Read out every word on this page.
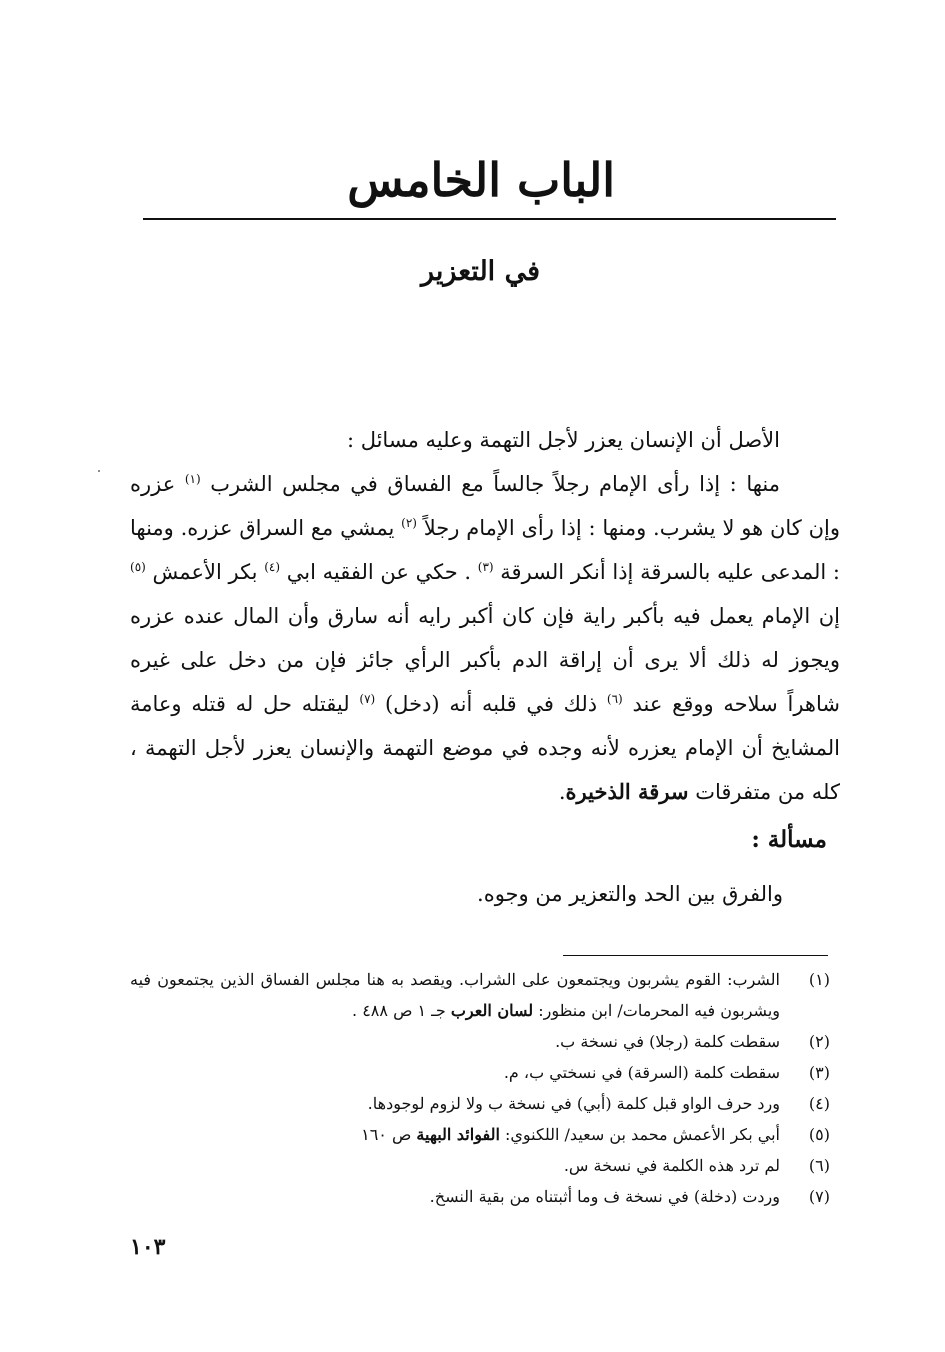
الباب الخامس
في التعزير

الأصل أن الإنسان يعزر لأجل التهمة وعليه مسائل :

منها : إذا رأى الإمام رجلاً جالساً مع الفساق في مجلس الشرب $^{(١)}$ عزره وإن كان هو لا يشرب. ومنها : إذا رأى الإمام رجلاً $^{(٢)}$ يمشي مع السراق عزره. ومنها : المدعى عليه بالسرقة إذا أنكر السرقة $^{(٣)}$ . حكي عن الفقيه ابي $^{(٤)}$ بكر الأعمش $^{(٥)}$ إن الإمام يعمل فيه بأكبر راية فإن كان أكبر رايه أنه سارق وأن المال عنده عزره ويجوز له ذلك ألا يرى أن إراقة الدم بأكبر الرأي جائز فإن من دخل على غيره شاهراً سلاحه ووقع عند $^{(٦)}$ ذلك في قلبه أنه (دخل) $^{(٧)}$ ليقتله حل له قتله وعامة المشايخ أن الإمام يعزره لأنه وجده في موضع التهمة والإنسان يعزر لأجل التهمة ، كله من متفرقات سرقة الذخيرة.

مسألة :
والفرق بين الحد والتعزير من وجوه.
(١)
الشرب: القوم يشربون ويجتمعون على الشراب. ويقصد به هنا مجلس الفساق الذين يجتمعون فيه ويشربون فيه المحرمات/ ابن منظور: لسان العرب جـ ١ ص ٤٨٨ .
(٢)
سقطت كلمة (رجلا) في نسخة ب.
(٣)
سقطت كلمة (السرقة) في نسختي ب، م.
(٤)
ورد حرف الواو قبل كلمة (أبي) في نسخة ب ولا لزوم لوجودها.
(٥)
أبي بكر الأعمش محمد بن سعيد/ اللكنوي: الفوائد البهية ص ١٦٠
(٦)
لم ترد هذه الكلمة في نسخة س.
(٧)
وردت (دخلة) في نسخة ف وما أثبتناه من بقية النسخ.
١٠٣
